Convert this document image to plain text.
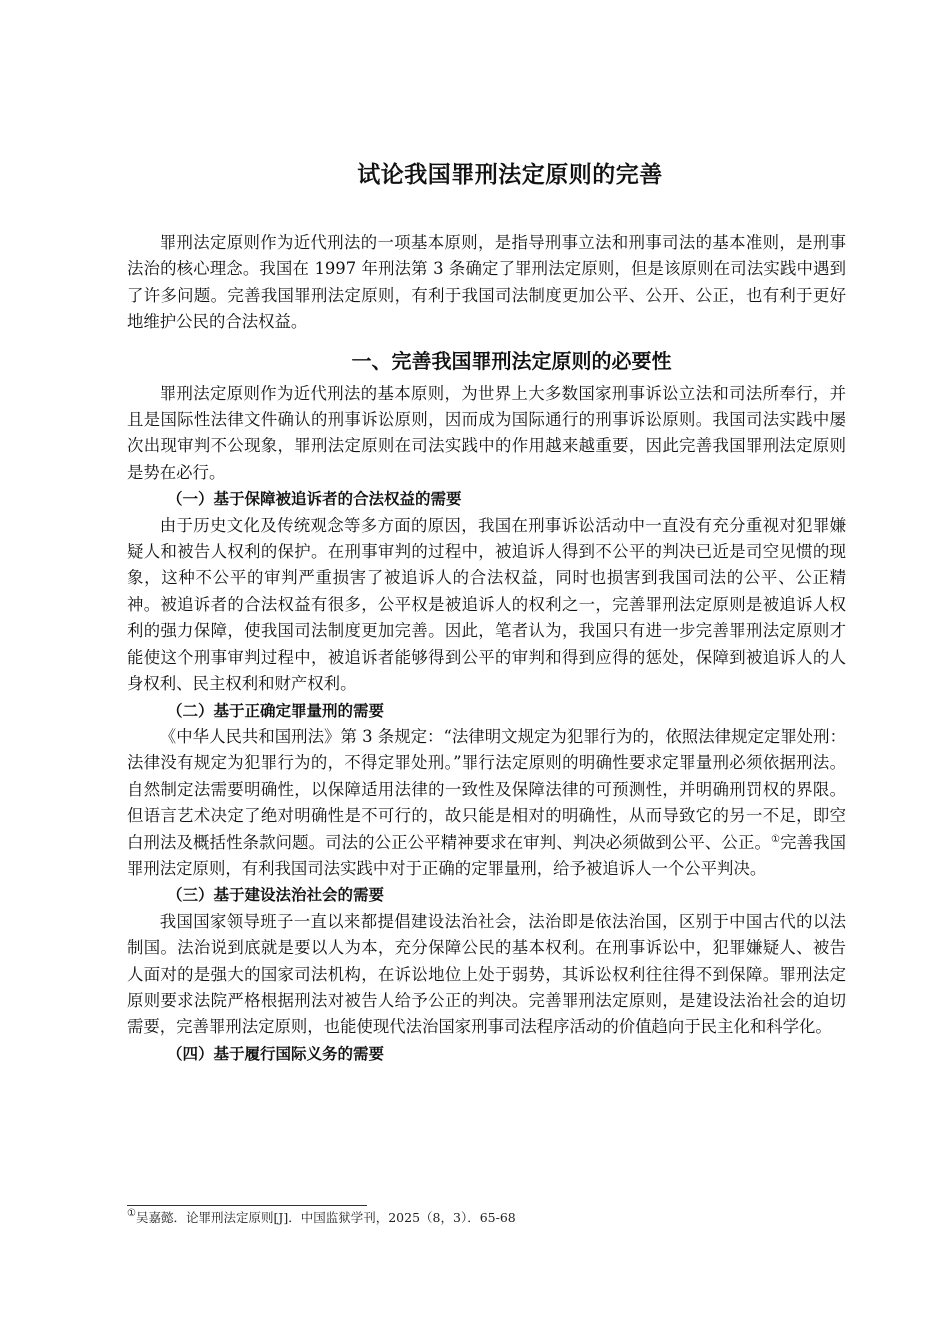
试论我国罪刑法定原则的完善

罪刑法定原则作为近代刑法的一项基本原则，是指导刑事立法和刑事司法的基本准则，是刑事法治的核心理念。我国在 1997 年刑法第 3 条确定了罪刑法定原则，但是该原则在司法实践中遇到了许多问题。完善我国罪刑法定原则，有利于我国司法制度更加公平、公开、公正，也有利于更好地维护公民的合法权益。

一、完善我国罪刑法定原则的必要性

罪刑法定原则作为近代刑法的基本原则，为世界上大多数国家刑事诉讼立法和司法所奉行，并且是国际性法律文件确认的刑事诉讼原则，因而成为国际通行的刑事诉讼原则。我国司法实践中屡次出现审判不公现象，罪刑法定原则在司法实践中的作用越来越重要，因此完善我国罪刑法定原则是势在必行。

（一）基于保障被追诉者的合法权益的需要

由于历史文化及传统观念等多方面的原因，我国在刑事诉讼活动中一直没有充分重视对犯罪嫌疑人和被告人权利的保护。在刑事审判的过程中，被追诉人得到不公平的判决已近是司空见惯的现象，这种不公平的审判严重损害了被追诉人的合法权益，同时也损害到我国司法的公平、公正精神。被追诉者的合法权益有很多，公平权是被追诉人的权利之一，完善罪刑法定原则是被追诉人权利的强力保障，使我国司法制度更加完善。因此，笔者认为，我国只有进一步完善罪刑法定原则才能使这个刑事审判过程中，被追诉者能够得到公平的审判和得到应得的惩处，保障到被追诉人的人身权利、民主权利和财产权利。

（二）基于正确定罪量刑的需要

《中华人民共和国刑法》第 3 条规定：“法律明文规定为犯罪行为的，依照法律规定定罪处刑：法律没有规定为犯罪行为的，不得定罪处刑。”罪行法定原则的明确性要求定罪量刑必须依据刑法。自然制定法需要明确性，以保障适用法律的一致性及保障法律的可预测性，并明确刑罚权的界限。但语言艺术决定了绝对明确性是不可行的，故只能是相对的明确性，从而导致它的另一不足，即空白刑法及概括性条款问题。司法的公正公平精神要求在审判、判决必须做到公平、公正。①完善我国罪刑法定原则，有利我国司法实践中对于正确的定罪量刑，给予被追诉人一个公平判决。

（三）基于建设法治社会的需要

我国国家领导班子一直以来都提倡建设法治社会，法治即是依法治国，区别于中国古代的以法制国。法治说到底就是要以人为本，充分保障公民的基本权利。在刑事诉讼中，犯罪嫌疑人、被告人面对的是强大的国家司法机构，在诉讼地位上处于弱势，其诉讼权利往往得不到保障。罪刑法定原则要求法院严格根据刑法对被告人给予公正的判决。完善罪刑法定原则，是建设法治社会的迫切需要，完善罪刑法定原则，也能使现代法治国家刑事司法程序活动的价值趋向于民主化和科学化。

（四）基于履行国际义务的需要
①吴嘉懿．论罪刑法定原则[J]．中国监狱学刊，2025（8，3）．65-68
